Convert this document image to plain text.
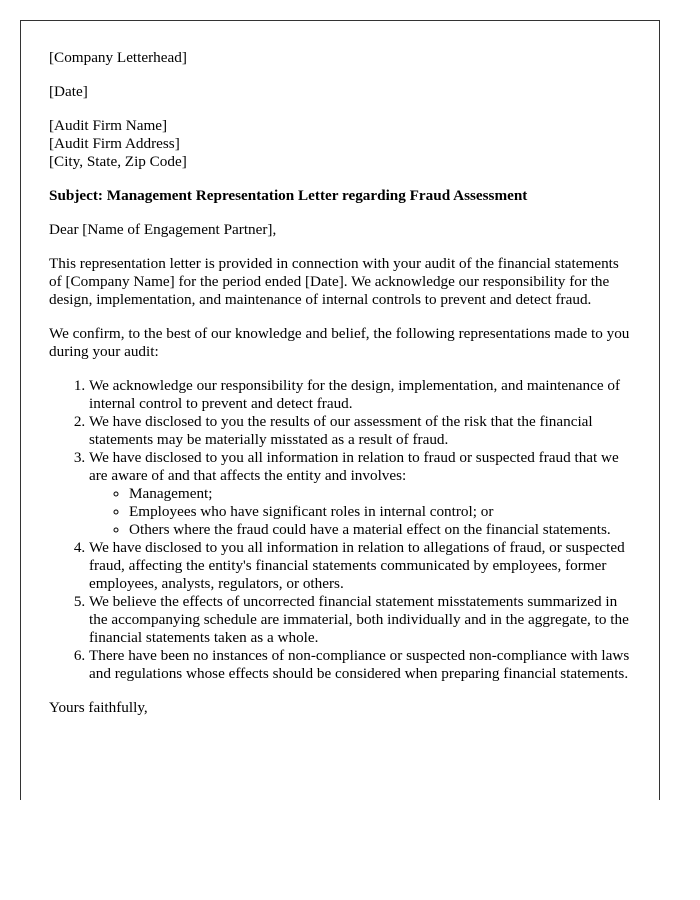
[Company Letterhead]

[Date]

[Audit Firm Name]
[Audit Firm Address]
[City, State, Zip Code]

Subject: Management Representation Letter regarding Fraud Assessment

Dear [Name of Engagement Partner],

This representation letter is provided in connection with your audit of the financial statements of [Company Name] for the period ended [Date]. We acknowledge our responsibility for the design, implementation, and maintenance of internal controls to prevent and detect fraud.

We confirm, to the best of our knowledge and belief, the following representations made to you during your audit:

1. We acknowledge our responsibility for the design, implementation, and maintenance of internal control to prevent and detect fraud.
2. We have disclosed to you the results of our assessment of the risk that the financial statements may be materially misstated as a result of fraud.
3. We have disclosed to you all information in relation to fraud or suspected fraud that we are aware of and that affects the entity and involves:
◦ Management;
◦ Employees who have significant roles in internal control; or
◦ Others where the fraud could have a material effect on the financial statements.
4. We have disclosed to you all information in relation to allegations of fraud, or suspected fraud, affecting the entity's financial statements communicated by employees, former employees, analysts, regulators, or others.
5. We believe the effects of uncorrected financial statement misstatements summarized in the accompanying schedule are immaterial, both individually and in the aggregate, to the financial statements taken as a whole.
6. There have been no instances of non-compliance or suspected non-compliance with laws and regulations whose effects should be considered when preparing financial statements.

Yours faithfully,
